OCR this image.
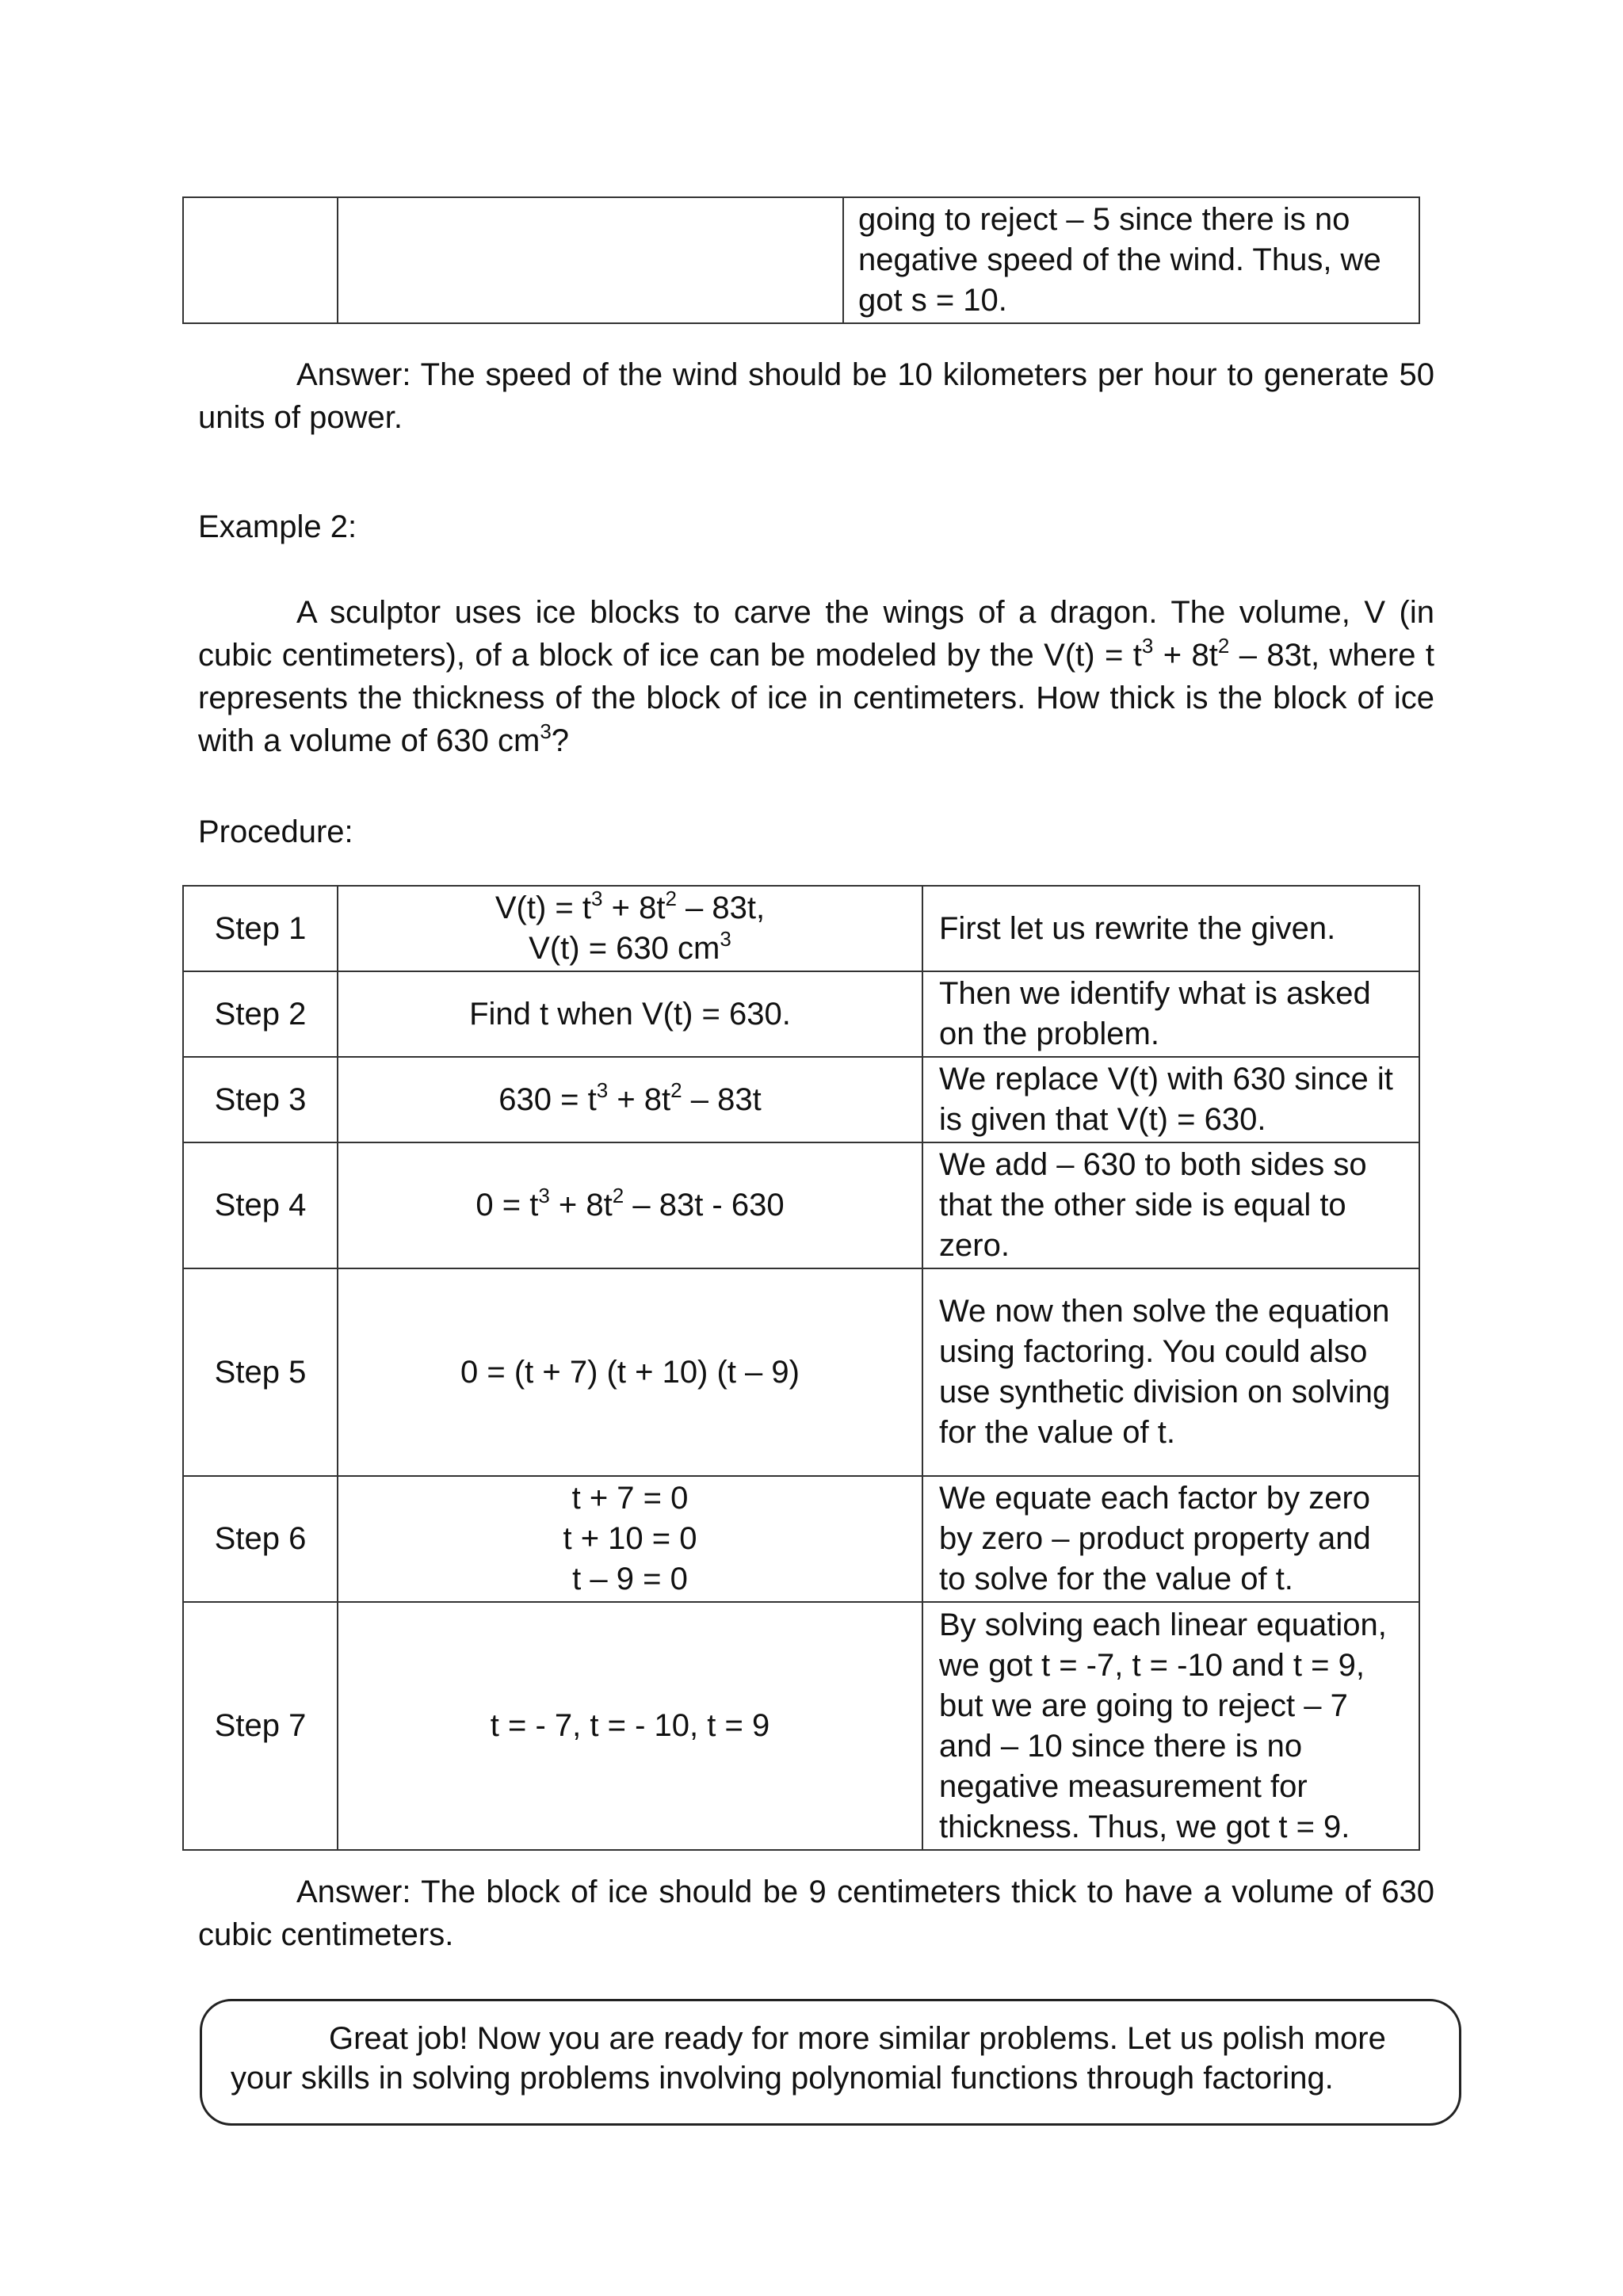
		going to reject – 5 since there is no negative speed of the wind. Thus, we got s = 10.

Answer: The speed of the wind should be 10 kilometers per hour to generate 50 units of power.

Example 2:

A sculptor uses ice blocks to carve the wings of a dragon. The volume, V (in cubic centimeters), of a block of ice can be modeled by the $V(t) = t^3 + 8t^2 - 83t$, where t represents the thickness of the block of ice in centimeters. How thick is the block of ice with a volume of 630 $cm^3$?

Procedure:

Step 1	$V(t) = t^3 + 8t^2 - 83t$,
V(t) = 630 $cm^3$	First let us rewrite the given.
Step 2	Find t when V(t) = 630.	Then we identify what is asked on the problem.
Step 3	$630 = t^3 + 8t^2 - 83t$	We replace V(t) with 630 since it is given that V(t) = 630.
Step 4	$0 = t^3 + 8t^2 - 83t - 630$	We add – 630 to both sides so that the other side is equal to zero.
Step 5	0 = (t + 7) (t + 10) (t – 9)	We now then solve the equation using factoring. You could also use synthetic division on solving for the value of t.
Step 6	t + 7 = 0
t + 10 = 0
t – 9 = 0	We equate each factor by zero by zero – product property and to solve for the value of t.
Step 7	t = - 7, t = - 10, t = 9	By solving each linear equation, we got t = -7, t = -10 and t = 9, but we are going to reject – 7 and – 10 since there is no negative measurement for thickness. Thus, we got t = 9.

Answer: The block of ice should be 9 centimeters thick to have a volume of 630 cubic centimeters.

Great job! Now you are ready for more similar problems. Let us polish more your skills in solving problems involving polynomial functions through factoring.
